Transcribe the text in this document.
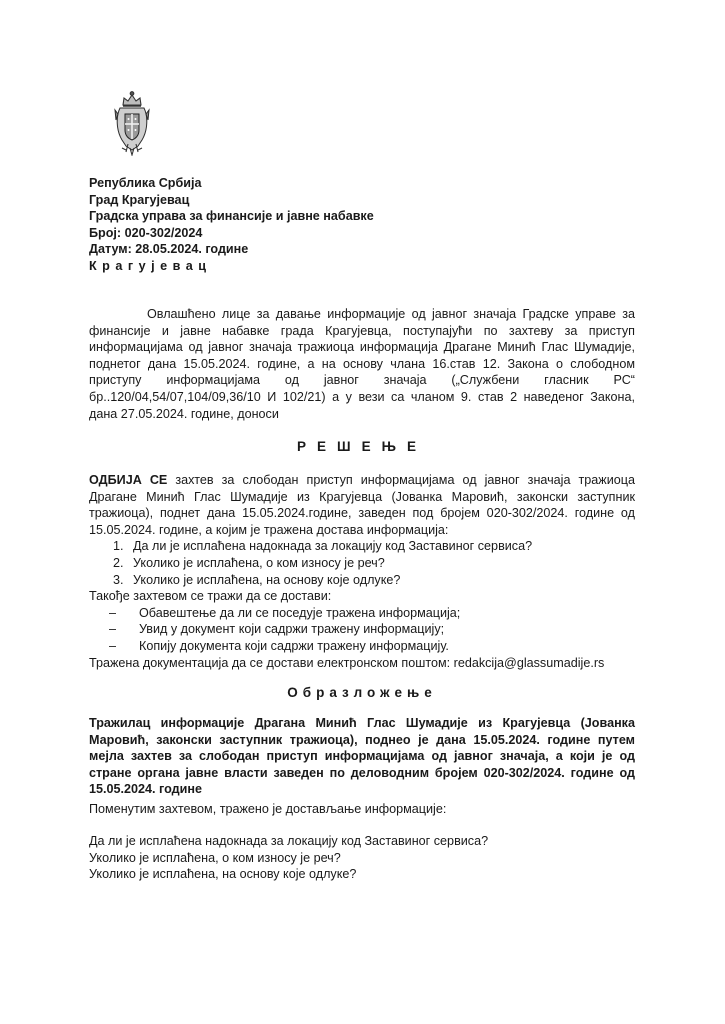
Република Србија
Град Крагујевац
Градска управа за финансије и јавне набавке
Број: 020-302/2024
Датум: 28.05.2024. године
Крагујевац
Овлашћено лице за давање информације од јавног значаја Градске управе за
финансије и јавне набавке града Крагујевца, поступајући по захтеву за приступ
информацијама од јавног значаја тражиоца информација Драгане Минић Глас Шумадије,
поднетог дана 15.05.2024. године, а на основу члана 16.став 12. Закона о слободном
приступу информацијама од јавног значаја („Службени гласник РС“
бр..120/04,54/07,104/09,36/10 И 102/21) а у вези са чланом 9. став 2 наведеног Закона,
дана 27.05.2024. године, доноси
РЕШЕЊЕ
ОДБИЈА СЕ захтев за слободан приступ информацијама од јавног значаја тражиоца
Драгане Минић Глас Шумадије из Крагујевца (Јованка Маровић, законски заступник
тражиоца), поднет дана 15.05.2024.године, заведен под бројем 020-302/2024. године од
15.05.2024. године, а којим је тражена достава информација:
1. Да ли је исплаћена надокнада за локацију код Заставиног сервиса?
2. Уколико је исплаћена, о ком износу је реч?
3. Уколико је исплаћена, на основу које одлуке?
Такође захтевом се тражи да се достави:
– Обавештење да ли се поседује тражена информација;
– Увид у документ који садржи тражену информацију;
– Копију документа који садржи тражену информацију.
Тражена документација да се достави електронском поштом: redakcija@glassumadije.rs
Образложење
Тражилац информације Драгана Минић Глас Шумадије из Крагујевца (Јованка
Маровић, законски заступник тражиоца), поднео је дана 15.05.2024. године путем
мејла захтев за слободан приступ информацијама од јавног значаја, а који је од
стране органа јавне власти заведен по деловодним бројем 020-302/2024. године од
15.05.2024. године
Поменутим захтевом, тражено је достављање информације:
Да ли је исплаћена надокнада за локацију код Заставиног сервиса?
Уколико је исплаћена, о ком износу је реч?
Уколико је исплаћена, на основу које одлуке?
